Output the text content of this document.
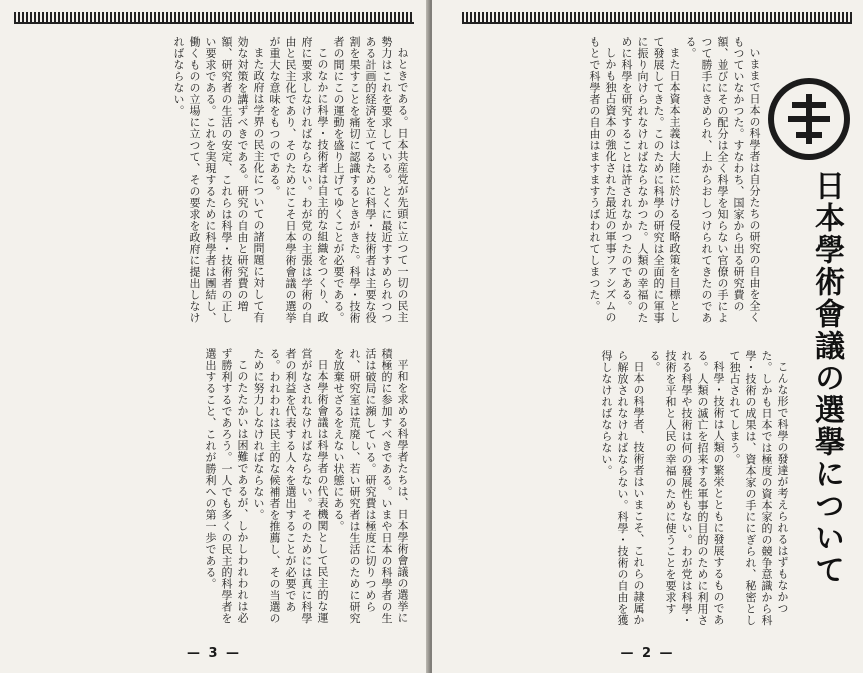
ねときである。日本共産党が先頭に立つて一切の民主勢力はこれを要求している。とくに最近すすめられつつある計画的経済を立てるために科學・技術者は主要な役割を果すことを痛切に認識するときがきた。科學・技術者の間にこの運動を盛り上げてゆくことが必要である。

このなかに科學・技術者は自主的な組織をつくり、政府に要求しなければならない。わが党の主張は学術の自由と民主化であり、そのためにこそ日本學術會議の選挙が重大な意味をもつのである。

また政府は学界の民主化についての諸問題に対して有効な対策を講ずべきである。研究の自由と研究費の増額、研究者の生活の安定、これらは科學・技術者の正しい要求である。これを実現するために科學者は團結し、働くものの立場に立つて、その要求を政府に提出しなければならない。

平和を求める科學者たちは、日本學術會議の選挙に積極的に参加すべきである。いまや日本の科學者の生活は破局に瀕している。研究費は極度に切りつめられ、研究室は荒廃し、若い研究者は生活のために研究を放棄せざるをえない状態にある。

日本學術會議は科學者の代表機関として民主的な運営がなされなければならない。そのためには真に科學者の利益を代表する人々を選出することが必要である。われわれは民主的な候補者を推薦し、その当選のために努力しなければならない。

このたたかいは困難であるが、しかしわれわれは必ず勝利するであろう。一人でも多くの民主的科學者を選出すること、これが勝利への第一歩である。

— 3 —

いままで日本の科學者は自分たちの研究の自由を全くもつていなかつた。すなわち、国家から出る研究費の額、並びにその配分は全く科學を知らない官僚の手によつて勝手にきめられ、上からおしつけられてきたのである。

また日本資本主義は大陸に於ける侵略政策を目標として發展してきた。このために科學の研究は全面的に軍事に振り向けられなければならなかつた。人類の幸福のために科學を研究することは許されなかつたのである。

しかも独占資本の強化された最近の軍事ファシズムのもとで科學者の自由はますますうばわれてしまつた。	日本學術會議の選擧について

こんな形で科學の發達が考えられるはずもなかつた。しかも日本では極度の資本家的の競争意識から科學・技術の成果は、資本家の手ににぎられ、秘密として独占されてしまう。

科學・技術は人類の繁栄とともに發展するものである。人類の滅亡を招来する軍事的目的のために利用される科學や技術は何の發展性もない。わが党は科學・技術を平和と人民の幸福のために使うことを要求する。

日本の科學者、技術者はいまこそ、これらの隷属から解放されなければならない。科學・技術の自由を獲得しなければならない。

— 2 —
